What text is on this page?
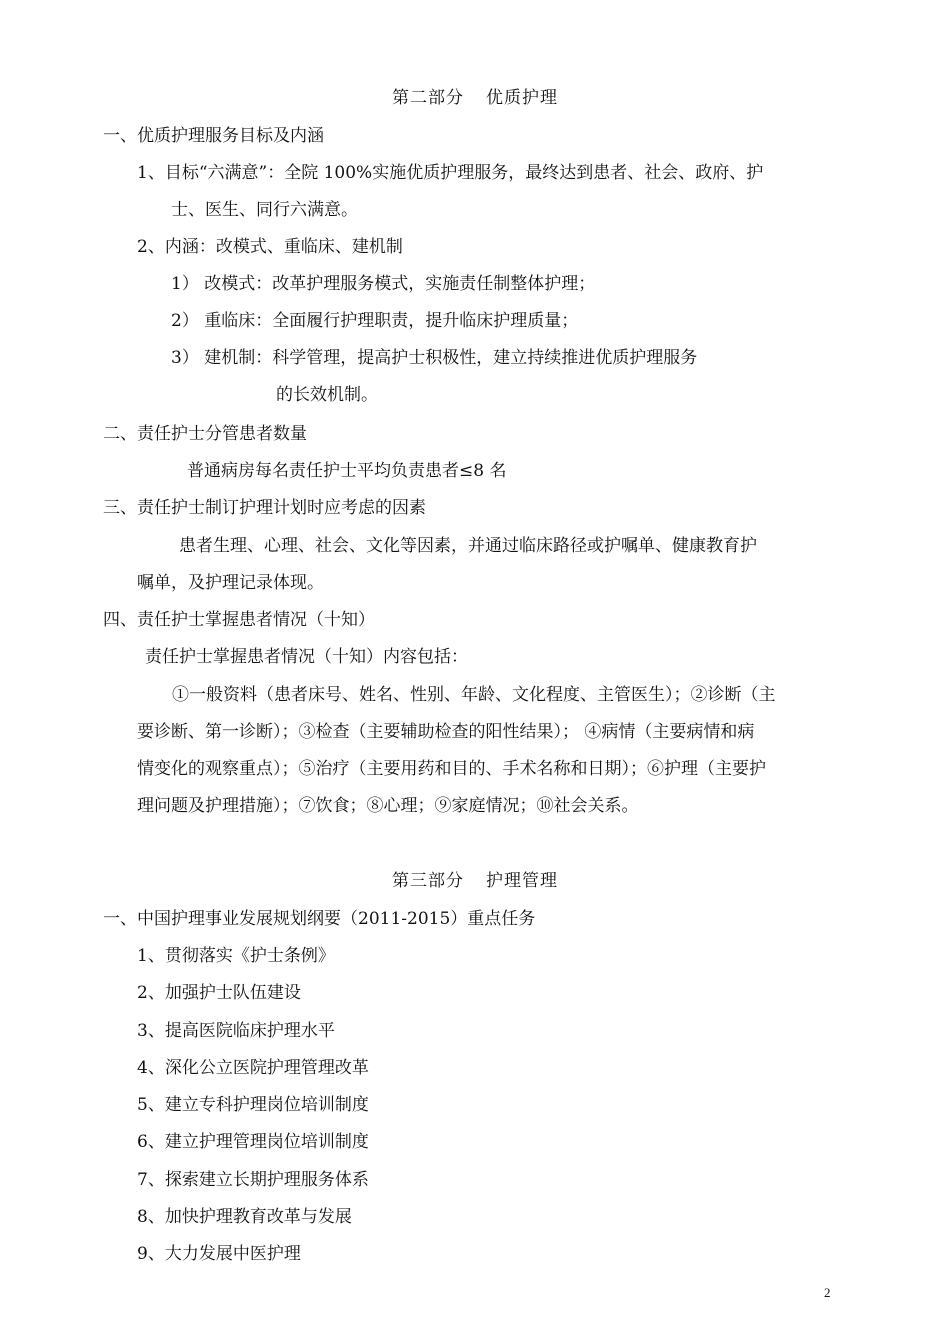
第二部分 优质护理
一、优质护理服务目标及内涵
1、目标“六满意”：全院 100%实施优质护理服务，最终达到患者、社会、政府、护
士、医生、同行六满意。
2、内涵：改模式、重临床、建机制
1） 改模式：改革护理服务模式，实施责任制整体护理；
2） 重临床：全面履行护理职责，提升临床护理质量；
3） 建机制：科学管理，提高护士积极性，建立持续推进优质护理服务
的长效机制。
二、责任护士分管患者数量
普通病房每名责任护士平均负责患者≤8 名
三、责任护士制订护理计划时应考虑的因素
患者生理、心理、社会、文化等因素，并通过临床路径或护嘱单、健康教育护
嘱单，及护理记录体现。
四、责任护士掌握患者情况（十知）
责任护士掌握患者情况（十知）内容包括：
①一般资料（患者床号、姓名、性别、年龄、文化程度、主管医生）；②诊断（主
要诊断、第一诊断）；③检查（主要辅助检查的阳性结果）； ④病情（主要病情和病
情变化的观察重点）；⑤治疗（主要用药和目的、手术名称和日期）；⑥护理（主要护
理问题及护理措施）；⑦饮食；⑧心理；⑨家庭情况；⑩社会关系。
第三部分 护理管理
一、中国护理事业发展规划纲要（2011-2015）重点任务
1、贯彻落实《护士条例》
2、加强护士队伍建设
3、提高医院临床护理水平
4、深化公立医院护理管理改革
5、建立专科护理岗位培训制度
6、建立护理管理岗位培训制度
7、探索建立长期护理服务体系
8、加快护理教育改革与发展
9、大力发展中医护理
2
